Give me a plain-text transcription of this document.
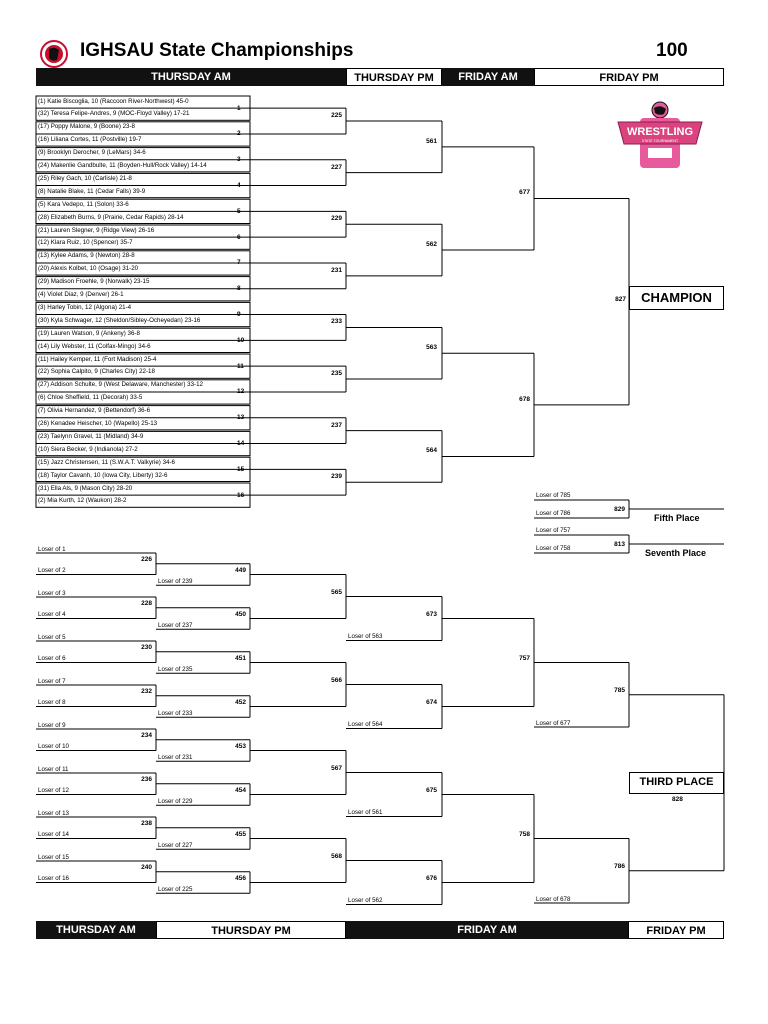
IGHSAU State Championships	100
THURSDAY AM	THURSDAY PM	FRIDAY AM	FRIDAY PM
THURSDAY AM	THURSDAY PM	FRIDAY AM	FRIDAY PM
WRESTLING
STATE TOURNAMENT
CHAMPION
THIRD PLACE
828
(1) Katie Biscoglia, 10 (Raccoon River-Northwest) 45-0
(32) Teresa Felipe-Andres, 9 (MOC-Floyd Valley) 17-21
1
(17) Poppy Malone, 9 (Boone) 23-8
(16) Liliana Cortes, 11 (Postville) 19-7
2
(9) Brooklyn Derocher, 9 (LeMars) 34-6
(24) Makenlie Gandbulte, 11 (Boyden-Hull/Rock Valley) 14-14
3
(25) Riley Gach, 10 (Carlisle) 21-8
(8) Natalie Blake, 11 (Cedar Falls) 39-9
4
(5) Kara Vedepo, 11 (Solon) 33-6
(28) Elizabeth Burns, 9 (Prairie, Cedar Rapids) 28-14
5
(21) Lauren Slegner, 9 (Ridge View) 26-16
(12) Klara Ruiz, 10 (Spencer) 35-7
6
(13) Kylee Adams, 9 (Newton) 28-8
(20) Alexis Kolbet, 10 (Osage) 31-20
7
(29) Madison Froehle, 9 (Norwalk) 23-15
(4) Violet Diaz, 9 (Denver) 26-1
8
(3) Harley Tobin, 12 (Algona) 21-4
(30) Kyla Schwager, 12 (Sheldon/Sibley-Ocheyedan) 23-16
9
(19) Lauren Watson, 9 (Ankeny) 36-8
(14) Lily Webster, 11 (Colfax-Mingo) 34-6
10
(11) Hailey Kemper, 11 (Fort Madison) 25-4
(22) Sophia Calpito, 9 (Charles City) 22-18
11
(27) Addison Schulte, 9 (West Delaware, Manchester) 33-12
(6) Chloe Sheffield, 11 (Decorah) 33-5
12
(7) Olivia Hernandez, 9 (Bettendorf) 36-6
(26) Kenadee Heischer, 10 (Wapello) 25-13
13
(23) Taelynn Gravel, 11 (Midland) 34-9
(10) Siera Becker, 9 (Indianola) 27-2
14
(15) Jazz Christensen, 11 (S.W.A.T. Valkyrie) 34-6
(18) Taylor Cavanh, 10 (Iowa City, Liberty) 32-6
15
(31) Ella Als, 9 (Mason City) 28-20
(2) Mia Kurth, 12 (Waukon) 28-2
16
225
227
229
231
233
235
237
239
561
562
563
564
677
678
827
Loser of 785
Loser of 786
829
Fifth Place
Loser of 757
Loser of 758
813
Seventh Place
Loser of 1
Loser of 2
226
Loser of 239
449
Loser of 3
Loser of 4
228
Loser of 237
450
Loser of 5
Loser of 6
230
Loser of 235
451
Loser of 7
Loser of 8
232
Loser of 233
452
Loser of 9
Loser of 10
234
Loser of 231
453
Loser of 11
Loser of 12
236
Loser of 229
454
Loser of 13
Loser of 14
238
Loser of 227
455
Loser of 15
Loser of 16
240
Loser of 225
456
565
566
567
568
Loser of 563
673
Loser of 564
674
Loser of 561
675
Loser of 562
676
757
758
Loser of 677
785
Loser of 678
786
